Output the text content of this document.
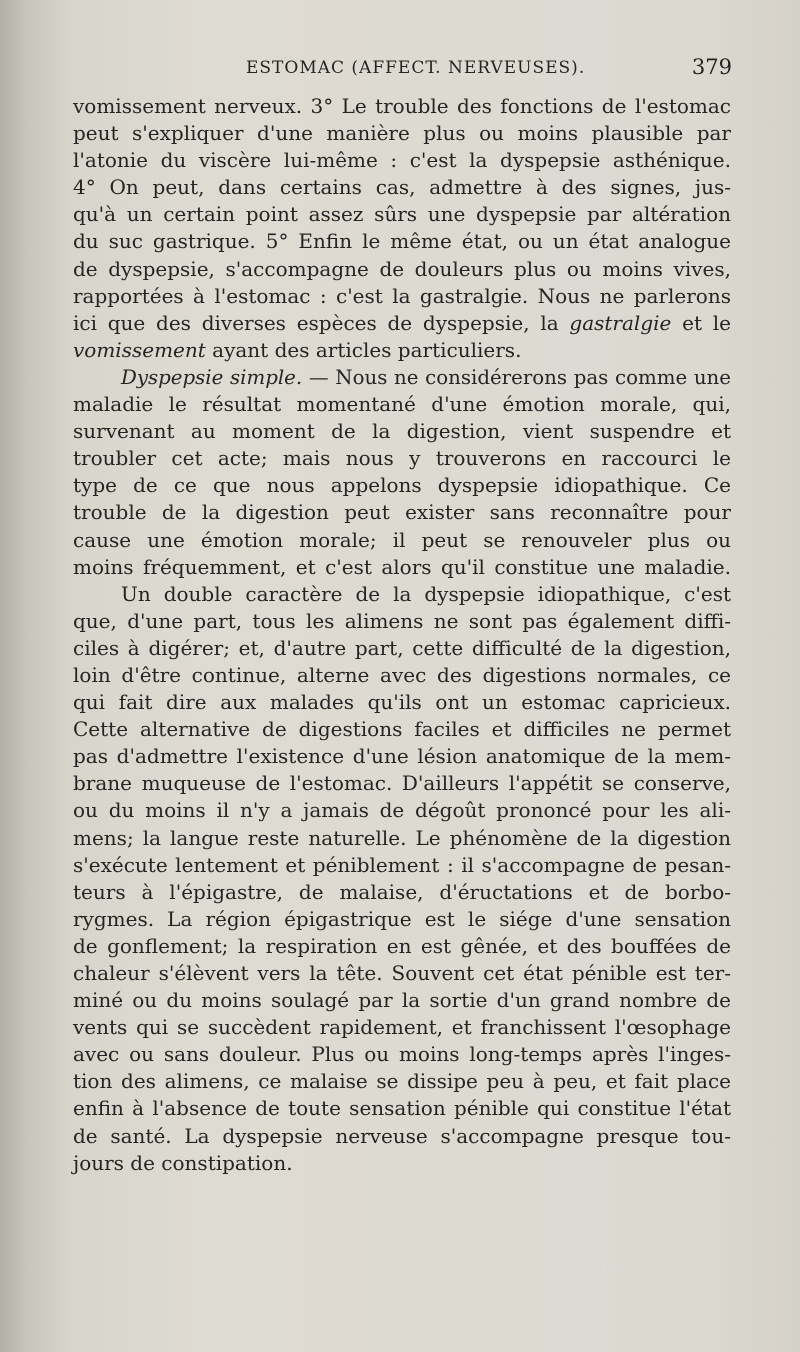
ESTOMAC (AFFECT. NERVEUSES).	379
vomissement nerveux. 3° Le trouble des fonctions de l'estomac
peut s'expliquer d'une manière plus ou moins plausible par
l'atonie du viscère lui-même : c'est la dyspepsie asthénique.
4° On peut, dans certains cas, admettre à des signes, jus-
qu'à un certain point assez sûrs une dyspepsie par altération
du suc gastrique. 5° Enfin le même état, ou un état analogue
de dyspepsie, s'accompagne de douleurs plus ou moins vives,
rapportées à l'estomac : c'est la gastralgie. Nous ne parlerons
ici que des diverses espèces de dyspepsie, la gastralgie et le
vomissement ayant des articles particuliers.
Dyspepsie simple. — Nous ne considérerons pas comme une
maladie le résultat momentané d'une émotion morale, qui,
survenant au moment de la digestion, vient suspendre et
troubler cet acte; mais nous y trouverons en raccourci le
type de ce que nous appelons dyspepsie idiopathique. Ce
trouble de la digestion peut exister sans reconnaître pour
cause une émotion morale; il peut se renouveler plus ou
moins fréquemment, et c'est alors qu'il constitue une maladie.
Un double caractère de la dyspepsie idiopathique, c'est
que, d'une part, tous les alimens ne sont pas également diffi-
ciles à digérer; et, d'autre part, cette difficulté de la digestion,
loin d'être continue, alterne avec des digestions normales, ce
qui fait dire aux malades qu'ils ont un estomac capricieux.
Cette alternative de digestions faciles et difficiles ne permet
pas d'admettre l'existence d'une lésion anatomique de la mem-
brane muqueuse de l'estomac. D'ailleurs l'appétit se conserve,
ou du moins il n'y a jamais de dégoût prononcé pour les ali-
mens; la langue reste naturelle. Le phénomène de la digestion
s'exécute lentement et péniblement : il s'accompagne de pesan-
teurs à l'épigastre, de malaise, d'éructations et de borbo-
rygmes. La région épigastrique est le siége d'une sensation
de gonflement; la respiration en est gênée, et des bouffées de
chaleur s'élèvent vers la tête. Souvent cet état pénible est ter-
miné ou du moins soulagé par la sortie d'un grand nombre de
vents qui se succèdent rapidement, et franchissent l'œsophage
avec ou sans douleur. Plus ou moins long-temps après l'inges-
tion des alimens, ce malaise se dissipe peu à peu, et fait place
enfin à l'absence de toute sensation pénible qui constitue l'état
de santé. La dyspepsie nerveuse s'accompagne presque tou-
jours de constipation.
